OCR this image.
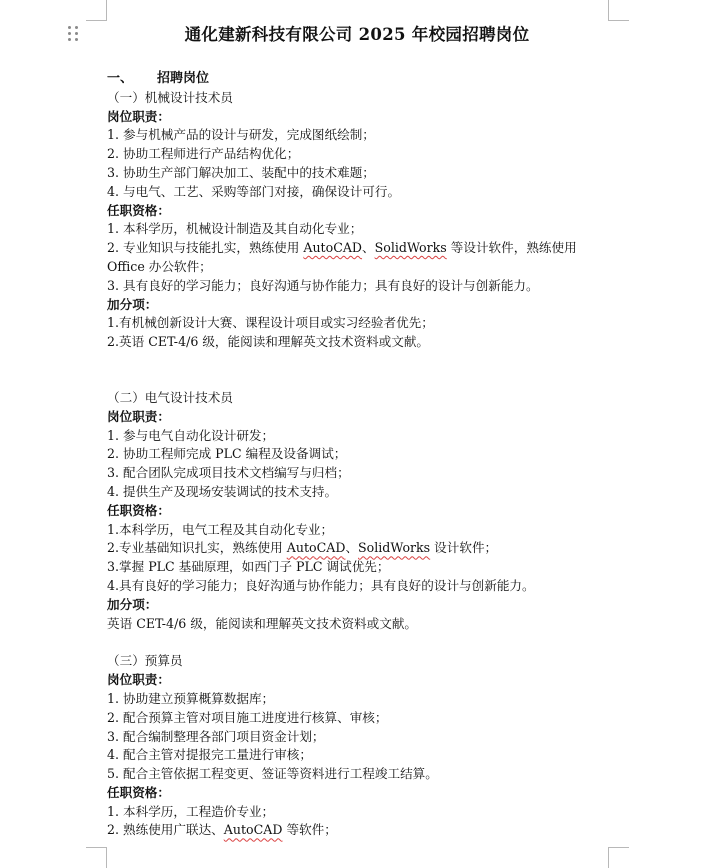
通化建新科技有限公司 2025 年校园招聘岗位
一、 招聘岗位
（一）机械设计技术员
岗位职责：
1. 参与机械产品的设计与研发，完成图纸绘制；
2. 协助工程师进行产品结构优化；
3. 协助生产部门解决加工、装配中的技术难题；
4. 与电气、工艺、采购等部门对接，确保设计可行。
任职资格：
1. 本科学历，机械设计制造及其自动化专业；
2. 专业知识与技能扎实，熟练使用 AutoCAD、SolidWorks 等设计软件，熟练使用 Office 办公软件；
3. 具有良好的学习能力；良好沟通与协作能力；具有良好的设计与创新能力。
加分项：
1.有机械创新设计大赛、课程设计项目或实习经验者优先；
2.英语 CET-4/6 级，能阅读和理解英文技术资料或文献。
（二）电气设计技术员
岗位职责：
1. 参与电气自动化设计研发；
2. 协助工程师完成 PLC 编程及设备调试；
3. 配合团队完成项目技术文档编写与归档；
4. 提供生产及现场安装调试的技术支持。
任职资格：
1.本科学历，电气工程及其自动化专业；
2.专业基础知识扎实，熟练使用 AutoCAD、SolidWorks 设计软件；
3.掌握 PLC 基础原理，如西门子 PLC 调试优先；
4.具有良好的学习能力；良好沟通与协作能力；具有良好的设计与创新能力。
加分项：
英语 CET-4/6 级，能阅读和理解英文技术资料或文献。
（三）预算员
岗位职责：
1. 协助建立预算概算数据库；
2. 配合预算主管对项目施工进度进行核算、审核；
3. 配合编制整理各部门项目资金计划；
4. 配合主管对提报完工量进行审核；
5. 配合主管依据工程变更、签证等资料进行工程竣工结算。
任职资格：
1. 本科学历，工程造价专业；
2. 熟练使用广联达、AutoCAD 等软件；
